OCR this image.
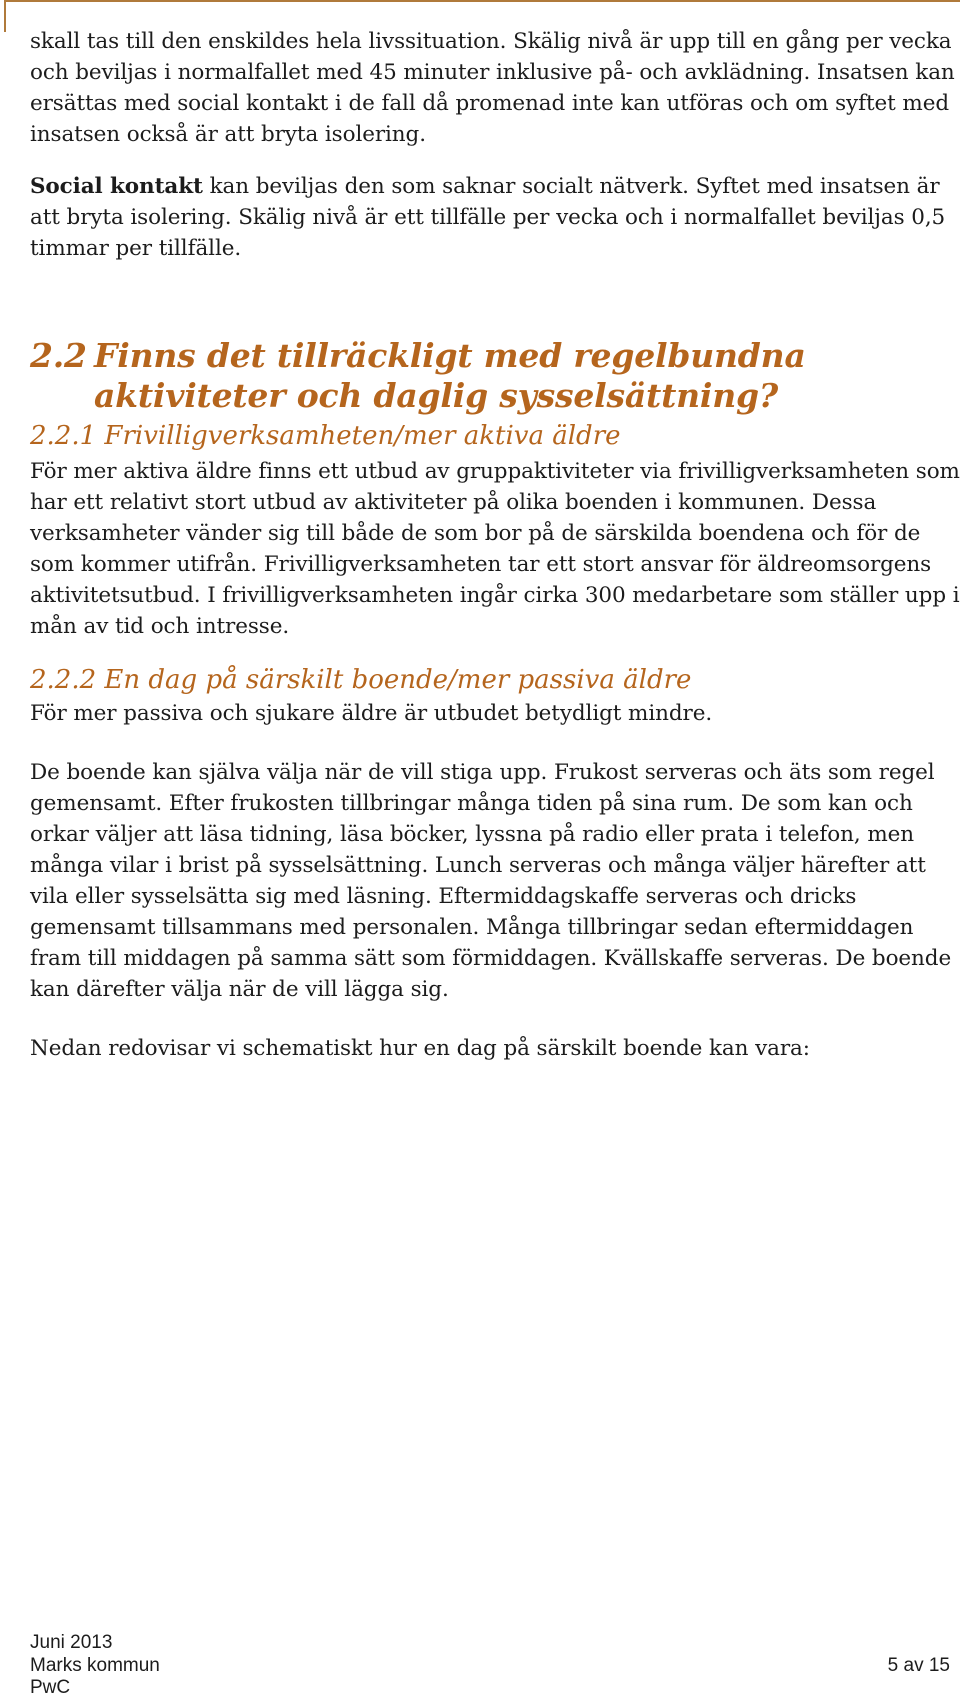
skall tas till den enskildes hela livssituation. Skälig nivå är upp till en gång per vecka och beviljas i normalfallet med 45 minuter inklusive på- och avklädning. Insatsen kan ersättas med social kontakt i de fall då promenad inte kan utföras och om syftet med insatsen också är att bryta isolering.

Social kontakt kan beviljas den som saknar socialt nätverk. Syftet med insatsen är att bryta isolering. Skälig nivå är ett tillfälle per vecka och i normalfallet beviljas 0,5 timmar per tillfälle.

2.2 Finns det tillräckligt med regelbundna
aktiviteter och daglig sysselsättning?
2.2.1 Frivilligverksamheten/mer aktiva äldre

För mer aktiva äldre finns ett utbud av gruppaktiviteter via frivilligverksamheten som har ett relativt stort utbud av aktiviteter på olika boenden i kommunen. Dessa verksamheter vänder sig till både de som bor på de särskilda boendena och för de som kommer utifrån. Frivilligverksamheten tar ett stort ansvar för äldreomsorgens aktivitetsutbud. I frivilligverksamheten ingår cirka 300 medarbetare som ställer upp i mån av tid och intresse.

2.2.2 En dag på särskilt boende/mer passiva äldre

För mer passiva och sjukare äldre är utbudet betydligt mindre.

De boende kan själva välja när de vill stiga upp. Frukost serveras och äts som regel gemensamt. Efter frukosten tillbringar många tiden på sina rum. De som kan och orkar väljer att läsa tidning, läsa böcker, lyssna på radio eller prata i telefon, men många vilar i brist på sysselsättning. Lunch serveras och många väljer härefter att vila eller sysselsätta sig med läsning. Eftermiddagskaffe serveras och dricks gemensamt tillsammans med personalen. Många tillbringar sedan eftermiddagen fram till middagen på samma sätt som förmiddagen. Kvällskaffe serveras. De boende kan därefter välja när de vill lägga sig.

Nedan redovisar vi schematiskt hur en dag på särskilt boende kan vara:

Juni 2013
Marks kommun	5 av 15
PwC
